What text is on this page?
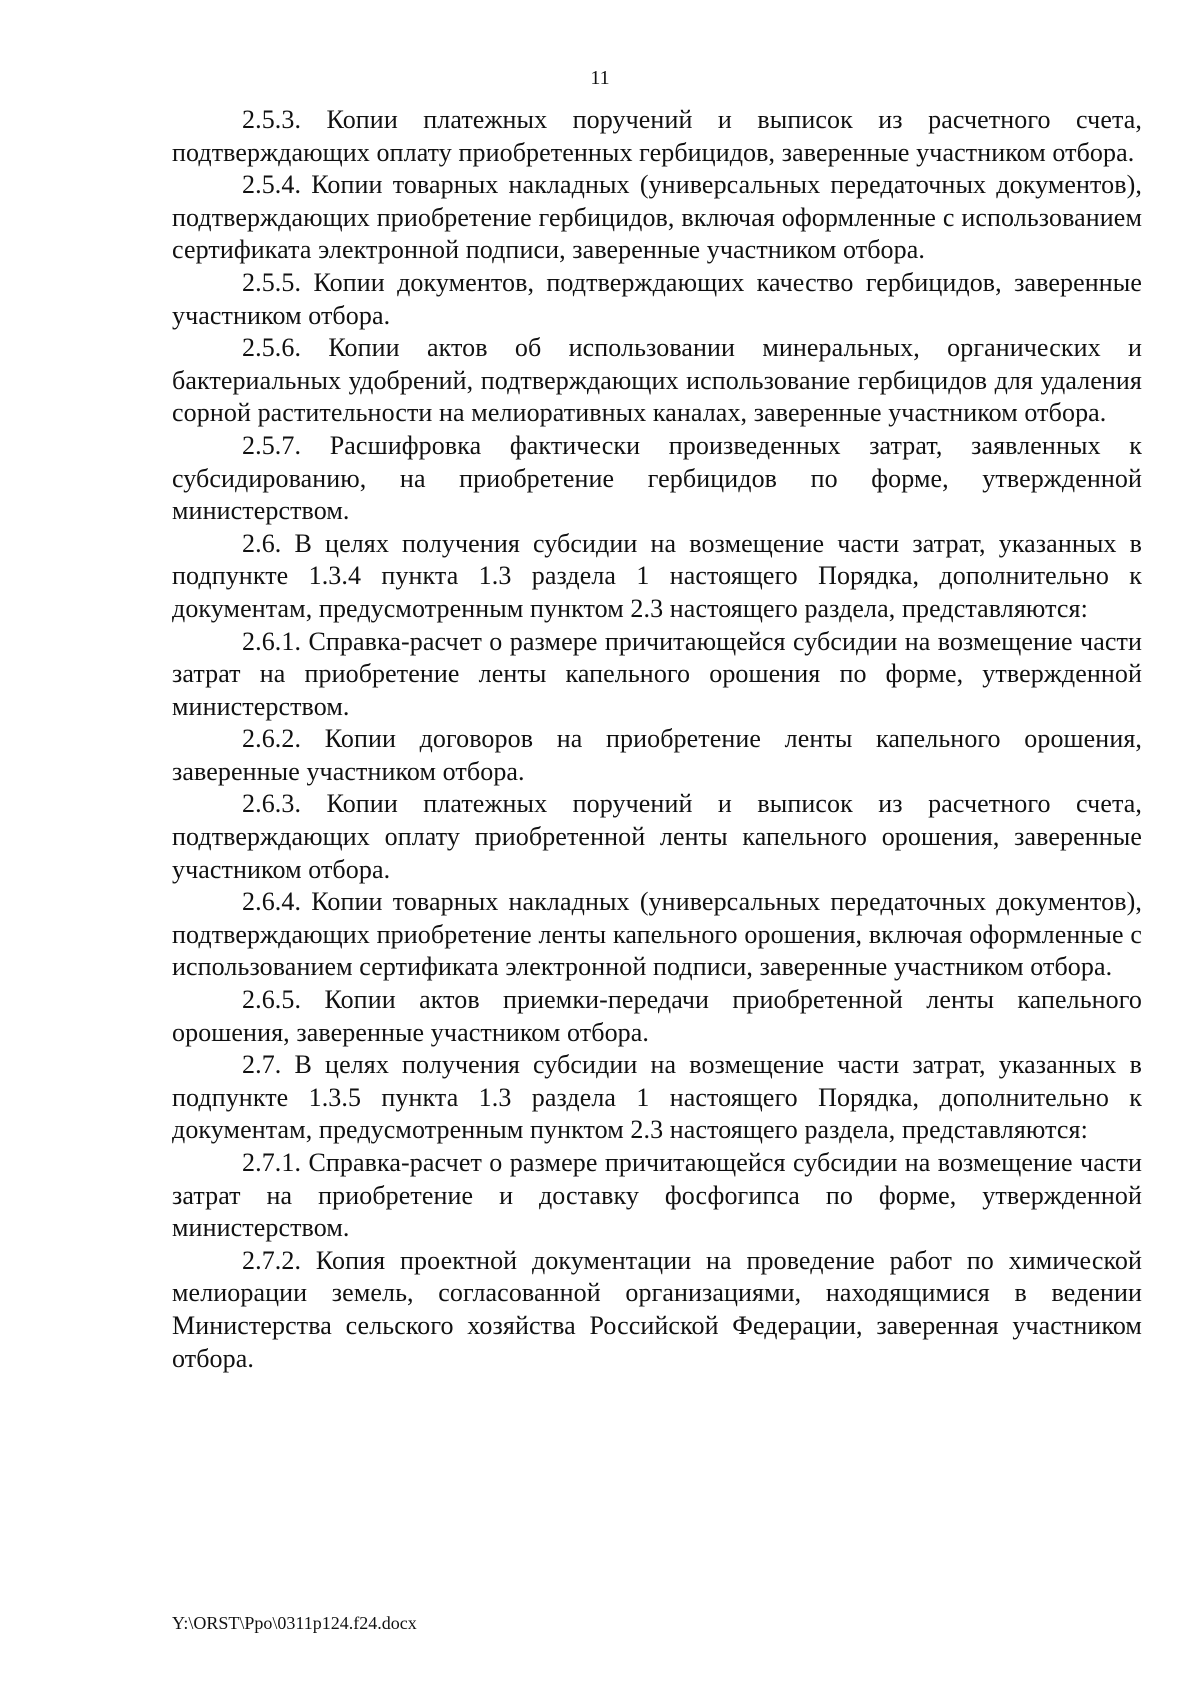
11

2.5.3. Копии платежных поручений и выписок из расчетного счета, подтверждающих оплату приобретенных гербицидов, заверенные участником отбора.

2.5.4. Копии товарных накладных (универсальных передаточных документов), подтверждающих приобретение гербицидов, включая оформленные с использованием сертификата электронной подписи, заверенные участником отбора.

2.5.5. Копии документов, подтверждающих качество гербицидов, заверенные участником отбора.

2.5.6. Копии актов об использовании минеральных, органических и бактериальных удобрений, подтверждающих использование гербицидов для удаления сорной растительности на мелиоративных каналах, заверенные участником отбора.

2.5.7. Расшифровка фактически произведенных затрат, заявленных к субсидированию, на приобретение гербицидов по форме, утвержденной министерством.

2.6. В целях получения субсидии на возмещение части затрат, указанных в подпункте 1.3.4 пункта 1.3 раздела 1 настоящего Порядка, дополнительно к документам, предусмотренным пунктом 2.3 настоящего раздела, представляются:

2.6.1. Справка-расчет о размере причитающейся субсидии на возмещение части затрат на приобретение ленты капельного орошения по форме, утвержденной министерством.

2.6.2. Копии договоров на приобретение ленты капельного орошения, заверенные участником отбора.

2.6.3. Копии платежных поручений и выписок из расчетного счета, подтверждающих оплату приобретенной ленты капельного орошения, заверенные участником отбора.

2.6.4. Копии товарных накладных (универсальных передаточных документов), подтверждающих приобретение ленты капельного орошения, включая оформленные с использованием сертификата электронной подписи, заверенные участником отбора.

2.6.5. Копии актов приемки-передачи приобретенной ленты капельного орошения, заверенные участником отбора.

2.7. В целях получения субсидии на возмещение части затрат, указанных в подпункте 1.3.5 пункта 1.3 раздела 1 настоящего Порядка, дополнительно к документам, предусмотренным пунктом 2.3 настоящего раздела, представляются:

2.7.1. Справка-расчет о размере причитающейся субсидии на возмещение части затрат на приобретение и доставку фосфогипса по форме, утвержденной министерством.

2.7.2. Копия проектной документации на проведение работ по химической мелиорации земель, согласованной организациями, находящимися в ведении Министерства сельского хозяйства Российской Федерации, заверенная участником отбора.

Y:\ORST\Ppo\0311p124.f24.docx
